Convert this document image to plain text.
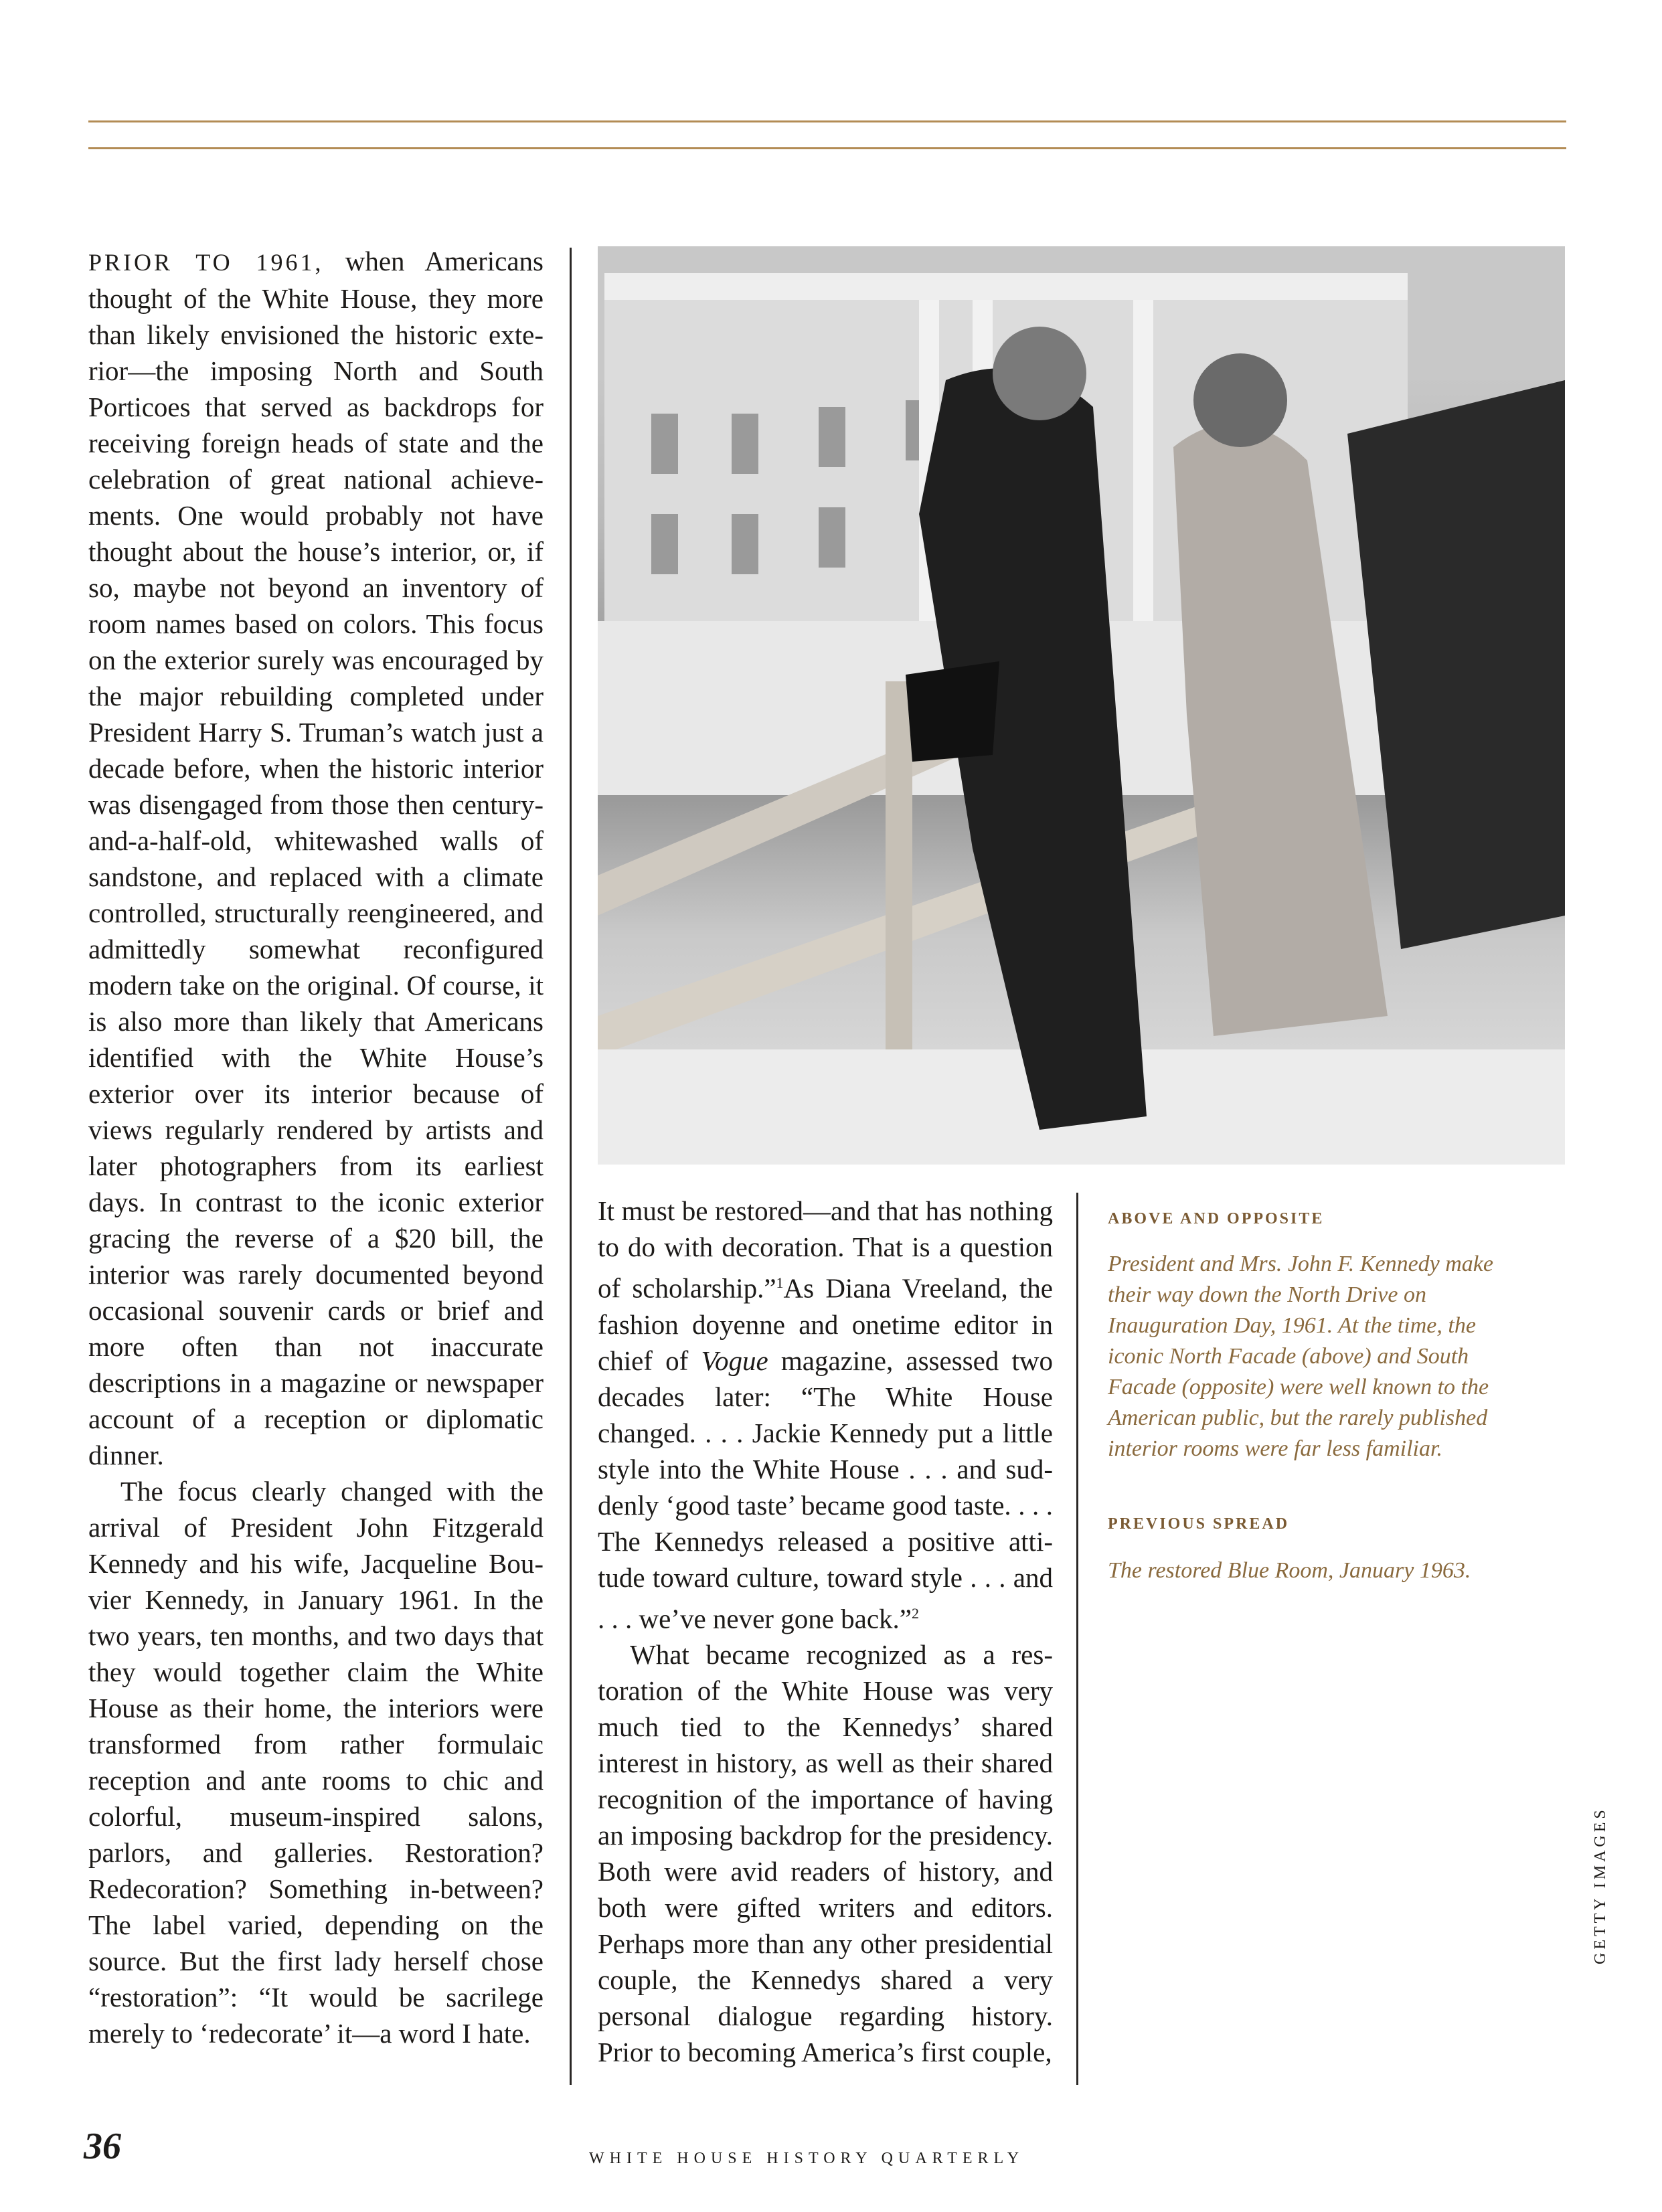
PRIOR TO 1961, when Americans thought of the White House, they more than likely envisioned the historic exterior—the imposing North and South Porticoes that served as backdrops for receiving foreign heads of state and the celebration of great national achievements. One would probably not have thought about the house’s interior, or, if so, maybe not beyond an inventory of room names based on colors. This focus on the exterior surely was encouraged by the major rebuilding completed under President Harry S. Truman’s watch just a decade before, when the historic interior was disengaged from those then century-and-a-half-old, whitewashed walls of sandstone, and replaced with a climate controlled, structurally reengineered, and admittedly somewhat reconfigured modern take on the original. Of course, it is also more than likely that Americans identified with the White House’s exterior over its interior because of views regularly rendered by artists and later photographers from its earliest days. In contrast to the iconic exterior gracing the reverse of a $20 bill, the interior was rarely documented beyond occasional souvenir cards or brief and more often than not inaccurate descriptions in a magazine or newspaper account of a reception or diplomatic dinner.

The focus clearly changed with the arrival of President John Fitzgerald Kennedy and his wife, Jacqueline Bouvier Kennedy, in January 1961. In the two years, ten months, and two days that they would together claim the White House as their home, the interiors were transformed from rather formulaic reception and ante rooms to chic and colorful, museum-inspired salons, parlors, and galleries. Restoration? Redecoration? Something in-between? The label varied, depending on the source. But the first lady herself chose “restoration”: “It would be sacrilege merely to ‘redecorate’ it—a word I hate.

It must be restored—and that has nothing to do with decoration. That is a question of scholarship.”$^1$As Diana Vreeland, the fashion doyenne and onetime editor in chief of Vogue magazine, assessed two decades later: “The White House changed. . . . Jackie Kennedy put a little style into the White House . . . and suddenly ‘good taste’ became good taste. . . . The Kennedys released a positive attitude toward culture, toward style . . . and . . . we’ve never gone back.”$^2$

What became recognized as a restoration of the White House was very much tied to the Kennedys’ shared interest in history, as well as their shared recognition of the importance of having an imposing backdrop for the presidency. Both were avid readers of history, and both were gifted writers and editors. Perhaps more than any other presidential couple, the Kennedys shared a very personal dialogue regarding history. Prior to becoming America’s first couple,

ABOVE AND OPPOSITE

President and Mrs. John F. Kennedy make their way down the North Drive on Inauguration Day, 1961. At the time, the iconic North Facade (above) and South Facade (opposite) were well known to the American public, but the rarely published interior rooms were far less familiar.

PREVIOUS SPREAD

The restored Blue Room, January 1963.

36	WHITE HOUSE HISTORY QUARTERLY
GETTY IMAGES
